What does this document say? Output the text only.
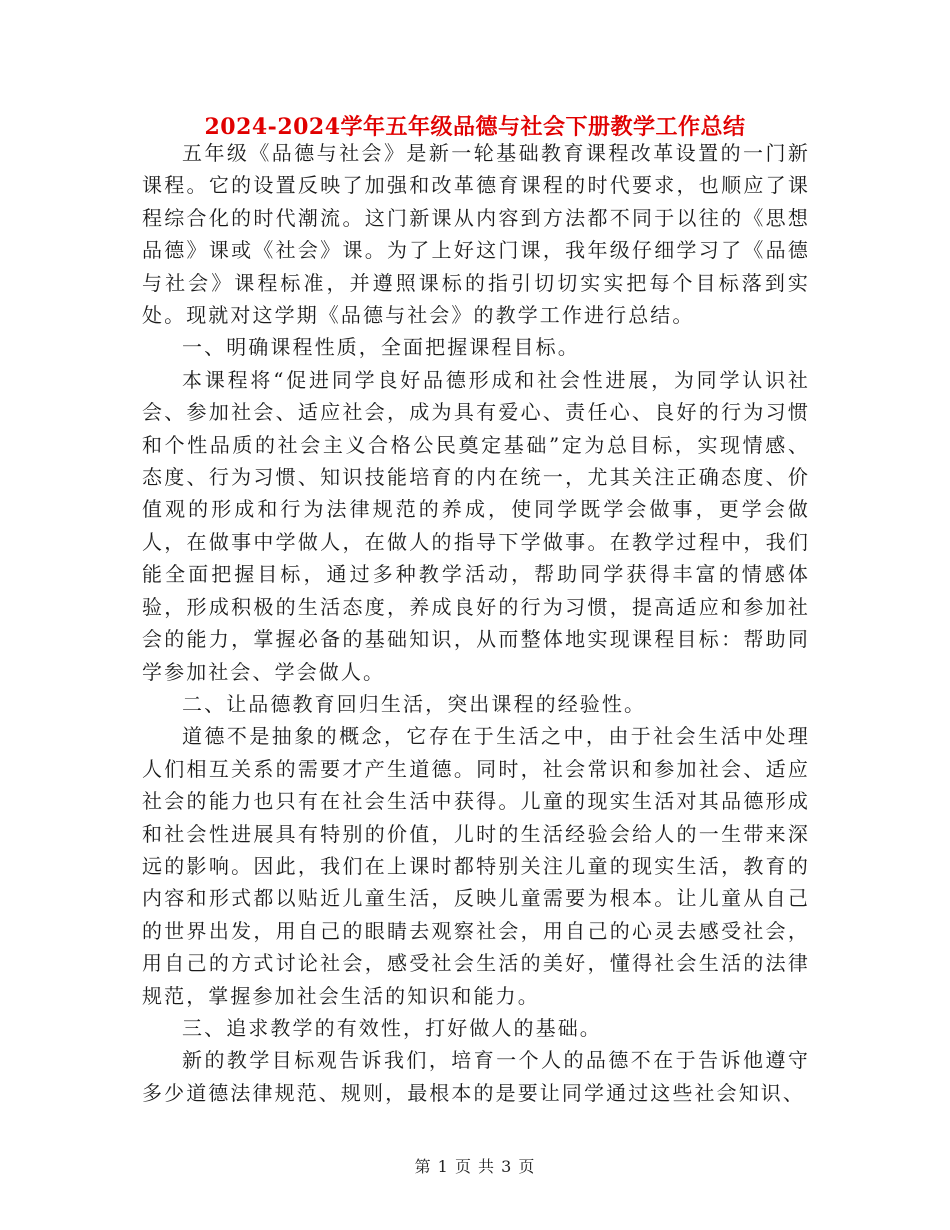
2024-2024学年五年级品德与社会下册教学工作总结

五年级《品德与社会》是新一轮基础教育课程改革设置的一门新课程。它的设置反映了加强和改革德育课程的时代要求，也顺应了课程综合化的时代潮流。这门新课从内容到方法都不同于以往的《思想品德》课或《社会》课。为了上好这门课，我年级仔细学习了《品德与社会》课程标准，并遵照课标的指引切切实实把每个目标落到实处。现就对这学期《品德与社会》的教学工作进行总结。

一、明确课程性质，全面把握课程目标。

本课程将“促进同学良好品德形成和社会性进展，为同学认识社会、参加社会、适应社会，成为具有爱心、责任心、良好的行为习惯和个性品质的社会主义合格公民奠定基础”定为总目标，实现情感、态度、行为习惯、知识技能培育的内在统一，尤其关注正确态度、价值观的形成和行为法律规范的养成，使同学既学会做事，更学会做人，在做事中学做人，在做人的指导下学做事。在教学过程中，我们能全面把握目标，通过多种教学活动，帮助同学获得丰富的情感体验，形成积极的生活态度，养成良好的行为习惯，提高适应和参加社会的能力，掌握必备的基础知识，从而整体地实现课程目标：帮助同学参加社会、学会做人。

二、让品德教育回归生活，突出课程的经验性。

道德不是抽象的概念，它存在于生活之中，由于社会生活中处理人们相互关系的需要才产生道德。同时，社会常识和参加社会、适应社会的能力也只有在社会生活中获得。儿童的现实生活对其品德形成和社会性进展具有特别的价值，儿时的生活经验会给人的一生带来深远的影响。因此，我们在上课时都特别关注儿童的现实生活，教育的内容和形式都以贴近儿童生活，反映儿童需要为根本。让儿童从自己的世界出发，用自己的眼睛去观察社会，用自己的心灵去感受社会，用自己的方式讨论社会，感受社会生活的美好，懂得社会生活的法律规范，掌握参加社会生活的知识和能力。

三、追求教学的有效性，打好做人的基础。

新的教学目标观告诉我们，培育一个人的品德不在于告诉他遵守多少道德法律规范、规则，最根本的是要让同学通过这些社会知识、

第 1 页 共 3 页
